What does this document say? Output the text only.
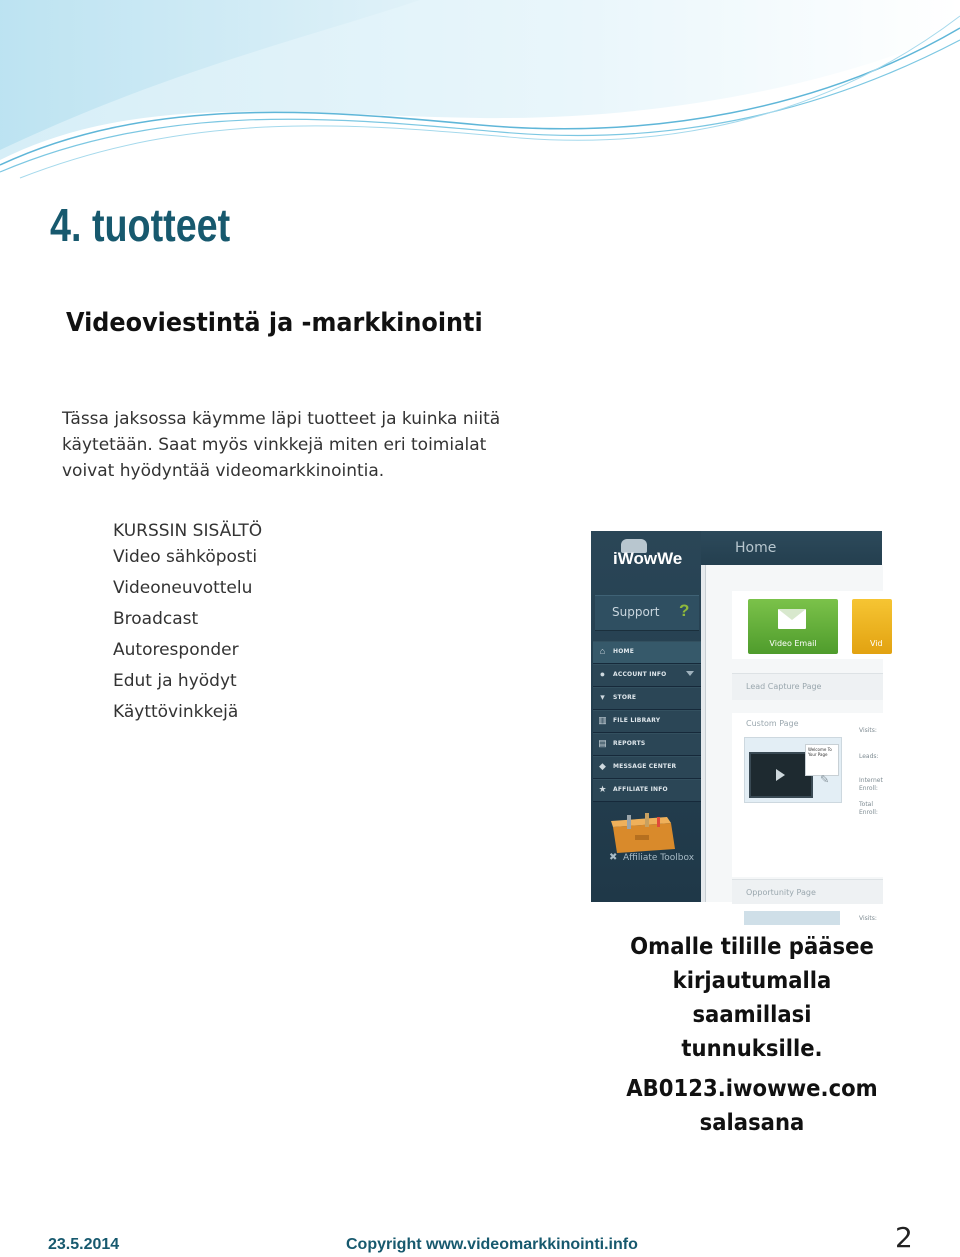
4. tuotteet
Videoviestintä ja -markkinointi
Tässa jaksossa käymme läpi tuotteet ja kuinka niitä
käytetään. Saat myös vinkkejä miten eri toimialat
voivat hyödyntää videomarkkinointia.
KURSSIN SISÄLTÖ
Video sähköposti
Videoneuvottelu
Broadcast
Autoresponder
Edut ja hyödyt
Käyttövinkkejä
iWowWe
Support ?
⌂ HOME
● ACCOUNT INFO
▾	STORE
▥ FILE LIBRARY
▤ REPORTS
◆ MESSAGE CENTER
★ AFFILIATE INFO
✖ Affiliate Toolbox
Home
Video Email	Vid
Lead Capture Page
Custom Page
Welcome To Your Page
✎
Visits:
Leads:
Internet
Enroll:
Total
Enroll:
Opportunity Page
Visits:

Omalle tilille pääsee

kirjautumalla saamillasi

tunnuksille.

AB0123.iwowwe.com

salasana

23.5.2014	Copyright www.videomarkkinointi.info	2
